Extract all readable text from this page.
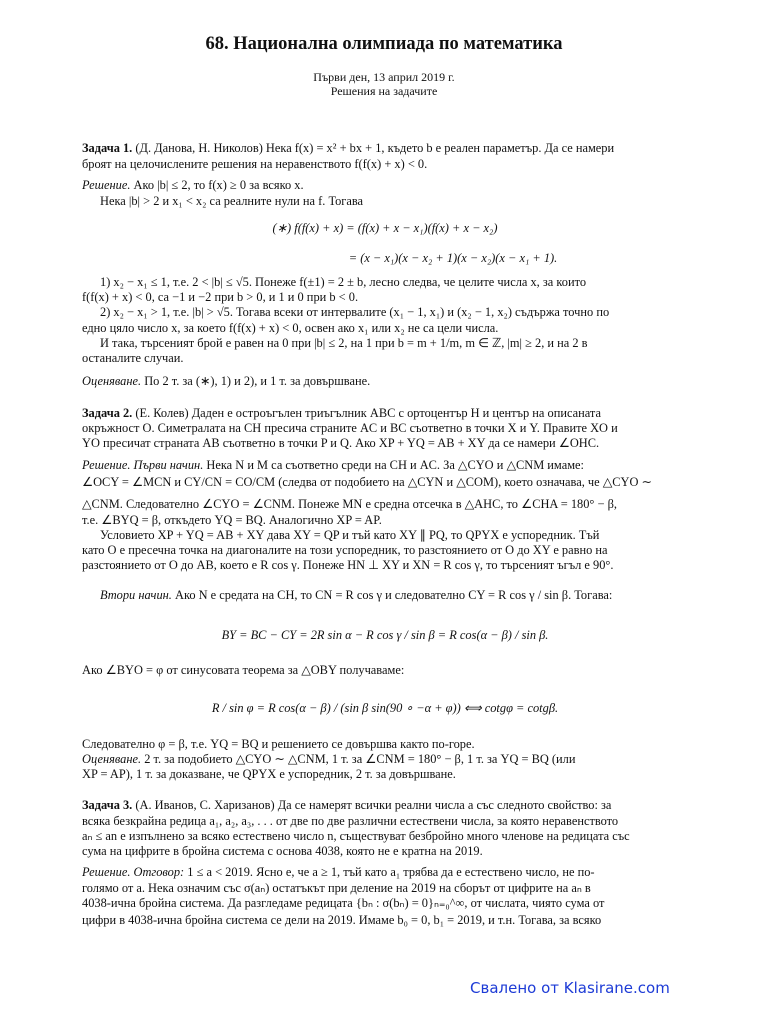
68. Национална олимпиада по математика
Първи ден, 13 април 2019 г.
Решения на задачите
Задача 1. (Д. Данова, Н. Николов) Нека f(x) = x² + bx + 1, където b е реален параметър. Да се намери
броят на целочислените решения на неравенството f(f(x) + x) < 0.
Решение. Ако |b| ≤ 2, то f(x) ≥ 0 за всяко x.
Нека |b| > 2 и x₁ < x₂ са реалните нули на f. Тогава
(∗) f(f(x) + x) = (f(x) + x − x₁)(f(x) + x − x₂)
= (x − x₁)(x − x₂ + 1)(x − x₂)(x − x₁ + 1).
1) x₂ − x₁ ≤ 1, т.е. 2 < |b| ≤ √5. Понеже f(±1) = 2 ± b, лесно следва, че целите числа x, за които
f(f(x) + x) < 0, са −1 и −2 при b > 0, и 1 и 0 при b < 0.
2) x₂ − x₁ > 1, т.е. |b| > √5. Тогава всеки от интервалите (x₁ − 1, x₁) и (x₂ − 1, x₂) съдържа точно по
едно цяло число x, за което f(f(x) + x) < 0, освен ако x₁ или x₂ не са цели числа.
И така, търсеният брой е равен на 0 при |b| ≤ 2, на 1 при b = m + 1/m, m ∈ ℤ, |m| ≥ 2, и на 2 в
останалите случаи.
Оценяване. По 2 т. за (∗), 1) и 2), и 1 т. за довършване.
Задача 2. (Е. Колев) Даден е остроъгълен триъгълник ABC с ортоцентър H и център на описаната
окръжност O. Симетралата на CH пресича страните AC и BC съответно в точки X и Y. Правите XO и
YO пресичат страната AB съответно в точки P и Q. Ако XP + YQ = AB + XY да се намери ∠OHC.
Решение. Първи начин. Нека N и M са съответно среди на CH и AC. За △CYO и △CNM имаме:
∠OCY = ∠MCN и CY/CN = CO/CM (следва от подобието на △CYN и △COM), което означава, че △CYO ∼
△CNM. Следователно ∠CYO = ∠CNM. Понеже MN е средна отсечка в △AHC, то ∠CHA = 180° − β,
т.е. ∠BYQ = β, откъдето YQ = BQ. Аналогично XP = AP.
Условието XP + YQ = AB + XY дава XY = QP и тъй като XY ∥ PQ, то QPYX е успоредник. Тъй
като O е пресечна точка на диагоналите на този успоредник, то разстоянието от O до XY е равно на
разстоянието от O до AB, което е R cos γ. Понеже HN ⊥ XY и XN = R cos γ, то търсеният ъгъл е 90°.
Втори начин. Ако N е средата на CH, то CN = R cos γ и следователно CY = R cos γ / sin β. Тогава:
BY = BC − CY = 2R sin α − R cos γ / sin β = R cos(α − β) / sin β.
Ако ∠BYO = φ от синусовата теорема за △OBY получаваме:
R / sin φ = R cos(α − β) / (sin β sin(90 ∘ −α + φ)) ⟺ cotgφ = cotgβ.
Следователно φ = β, т.е. YQ = BQ и решението се довършва както по-горе.
Оценяване. 2 т. за подобието △CYO ∼ △CNM, 1 т. за ∠CNM = 180° − β, 1 т. за YQ = BQ (или
XP = AP), 1 т. за доказване, че QPYX е успоредник, 2 т. за довършване.
Задача 3. (А. Иванов, С. Харизанов) Да се намерят всички реални числа a със следното свойство: за
всяка безкрайна редица a₁, a₂, a₃, . . . от две по две различни естествени числа, за която неравенството
aₙ ≤ an е изпълнено за всяко естествено число n, съществуват безбройно много членове на редицата със
сума на цифрите в бройна система с основа 4038, която не е кратна на 2019.
Решение. Отговор: 1 ≤ a < 2019. Ясно е, че a ≥ 1, тъй като a₁ трябва да е естествено число, не по-
голямо от a. Нека означим със σ(aₙ) остатъкът при деление на 2019 на сборът от цифрите на aₙ в
4038-ична бройна система. Да разгледаме редицата {bₙ : σ(bₙ) = 0}ₙ₌₀^∞, от числата, чиято сума от
цифри в 4038-ична бройна система се дели на 2019. Имаме b₀ = 0, b₁ = 2019, и т.н. Тогава, за всяко
Свалено от Klasirane.com
